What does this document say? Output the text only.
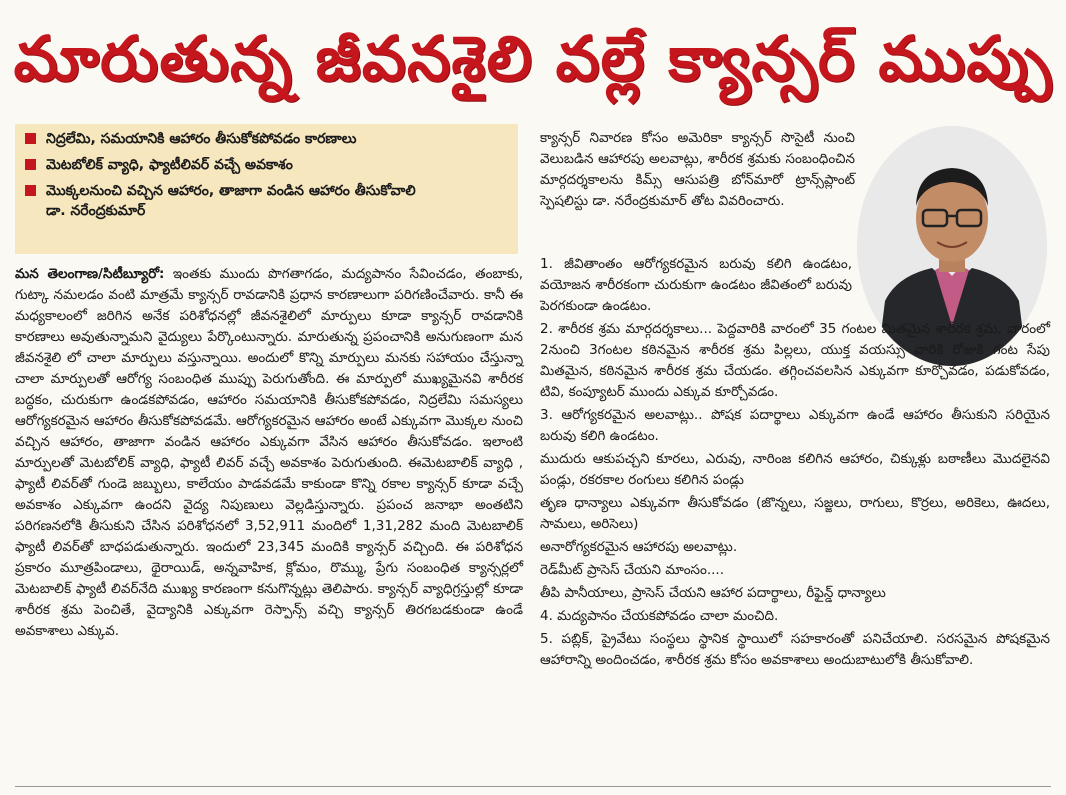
మారుతున్న జీవనశైలి వల్లే క్యాన్సర్ ముప్పు
నిద్రలేమి, సమయానికి ఆహారం తీసుకోకపోవడం కారణాలు
మెటబోలిక్ వ్యాధి, ఫ్యాటీలివర్ వచ్చే అవకాశం
మొక్కలనుంచి వచ్చిన ఆహారం, తాజాగా వండిన ఆహారం తీసుకోవాలి
డా. నరేంద్రకుమార్

మన తెలంగాణ/సిటీబ్యూరో: ఇంతకు ముందు పొగతాగడం, మద్యపానం సేవించడం, తంబాకు, గుట్కా నమలడం వంటి మాత్రమే క్యాన్సర్ రావడానికి ప్రధాన కారణాలుగా పరిగణించేవారు. కానీ ఈ మధ్యకాలంలో జరిగిన అనేక పరిశోధనల్లో జీవనశైలిలో మార్పులు కూడా క్యాన్సర్ రావడానికి కారణాలు అవుతున్నామని వైద్యులు పేర్కొంటున్నారు. మారుతున్న ప్రపంచానికి అనుగుణంగా మన జీవనశైలి లో చాలా మార్పులు వస్తున్నాయి. అందులో కొన్ని మార్పులు మనకు సహాయం చేస్తున్నా చాలా మార్పులతో ఆరోగ్య సంబంధిత ముప్పు పెరుగుతోంది. ఈ మార్పులో ముఖ్యమైనవి శారీరక బద్ధకం, చురుకుగా ఉండకపోవడం, ఆహారం సమయానికి తీసుకోకపోవడం, నిద్రలేమి సమస్యలు ఆరోగ్యకరమైన ఆహారం తీసుకోకపోవడమే. ఆరోగ్యకరమైన ఆహారం అంటే ఎక్కువగా మొక్కల నుంచి వచ్చిన ఆహారం, తాజాగా వండిన ఆహారం ఎక్కువగా వేసిన ఆహారం తీసుకోవడం. ఇలాంటి మార్పులతో మెటబోలిక్ వ్యాధి, ఫ్యాటీ లివర్ వచ్చే అవకాశం పెరుగుతుంది. ఈమెటబాలిక్ వ్యాధి , ఫ్యాటీ లివర్‌తో గుండె జబ్బులు, కాలేయం పాడవడమే కాకుండా కొన్ని రకాల క్యాన్సర్ కూడా వచ్చే అవకాశం ఎక్కువగా ఉందని వైద్య నిపుణులు వెల్లడిస్తున్నారు. ప్రపంచ జనాభా అంతటిని పరిగణనలోకి తీసుకుని చేసిన పరిశోధనలో 3,52,911 మందిలో 1,31,282 మంది మెటబాలిక్ ఫ్యాటీ లివర్‌తో బాధపడుతున్నారు. ఇందులో 23,345 మందికి క్యాన్సర్ వచ్చింది. ఈ పరిశోధన ప్రకారం మూత్రపిండాలు, థైరాయిడ్, అన్నవాహిక, క్లోమం, రొమ్ము, ప్రేగు సంబంధిత క్యాన్సర్లలో మెటబాలిక్ ఫ్యాటీ లివర్‌నేది ముఖ్య కారణంగా కనుగొన్నట్లు తెలిపారు. క్యాన్సర్ వ్యాధిగ్రస్తుల్లో కూడా శారీరక శ్రమ పెంచితే, వైద్యానికి ఎక్కువగా రెస్పాన్స్ వచ్చి క్యాన్సర్ తిరగబడకుండా ఉండే అవకాశాలు ఎక్కువ.

క్యాన్సర్ నివారణ కోసం అమెరికా క్యాన్సర్ సొసైటీ నుంచి వెలుబడిన ఆహారపు అలవాట్లు, శారీరక శ్రమకు సంబంధించిన మార్గదర్శకాలను కిమ్స్ ఆసుపత్రి బోన్‌మారో ట్రాన్స్‌ప్లాంట్ స్పెషలిస్టు డా. నరేంద్రకుమార్ తోట వివరించారు.

1. జీవితాంతం ఆరోగ్యకరమైన బరువు కలిగి ఉండటం, వయోజన శారీరకంగా చురుకుగా ఉండటం జీవితంలో బరువు పెరగకుండా ఉండటం.

2. శారీరక శ్రమ మార్గదర్శకాలు... పెద్దవారికి వారంలో 35 గంటల మితమైన శారీరక శ్రమ, వారంలో 2నుంచి 3గంటల కఠినమైన శారీరక శ్రమ పిల్లలు, యుక్త వయస్సు వారికి రోజుకి గంట సేపు మితమైన, కఠినమైన శారీరక శ్రమ చేయడం. తగ్గించవలసిన ఎక్కువగా కూర్చోవడం, పడుకోవడం, టివి, కంప్యూటర్ ముందు ఎక్కువ కూర్చోవడం.

3. ఆరోగ్యకరమైన అలవాట్లు.. పోషక పదార్థాలు ఎక్కువగా ఉండే ఆహారం తీసుకుని సరియైన బరువు కలిగి ఉండటం.

ముదురు ఆకుపచ్చని కూరలు, ఎరువు, నారింజ కలిగిన ఆహారం, చిక్కుళ్లు బఠాణీలు మొదలైనవి పండ్లు, రకరకాల రంగులు కలిగిన పండ్లు

తృణ ధాన్యాలు ఎక్కువగా తీసుకోవడం (జొన్నలు, సజ్జలు, రాగులు, కొర్రలు, అరికెలు, ఊదలు, సామలు, అరిసెలు)

అనారోగ్యకరమైన ఆహారపు అలవాట్లు.

రెడ్‌మీట్ ప్రాసెస్ చేయని మాంసం....

తీపి పానీయాలు, ప్రాసెస్ చేయని ఆహార పదార్థాలు, రీఫైన్డ్ ధాన్యాలు

4. మద్యపానం చేయకపోవడం చాలా మంచిది.

5. పబ్లిక్, ప్రైవేటు సంస్థలు స్థానిక స్థాయిలో సహకారంతో పనిచేయాలి. సరసమైన పోషకమైన ఆహారాన్ని అందించడం, శారీరక శ్రమ కోసం అవకాశాలు అందుబాటులోకి తీసుకోవాలి.
